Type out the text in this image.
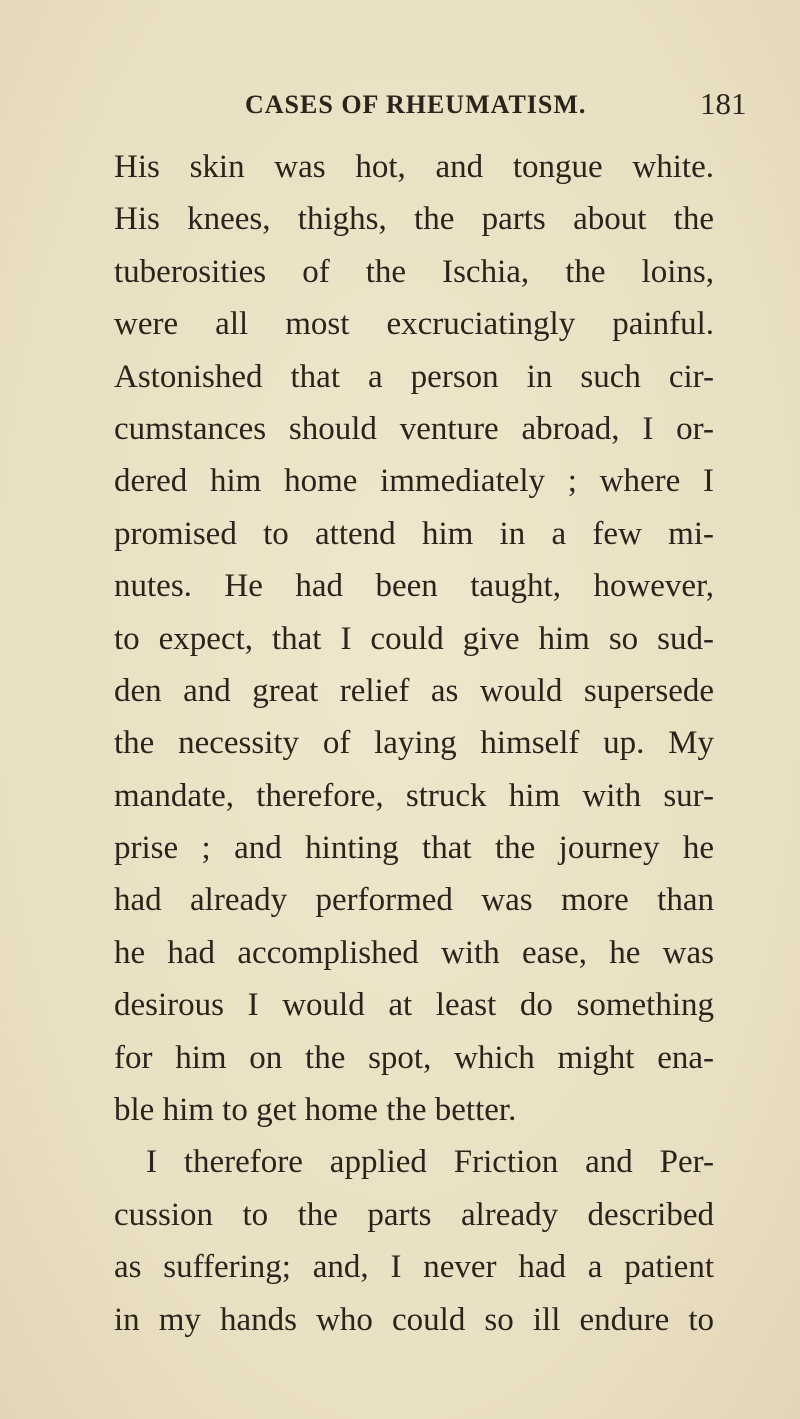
CASES OF RHEUMATISM.	181
His skin was hot, and tongue white.
His knees, thighs, the parts about the
tuberosities of the Ischia, the loins,
were all most excruciatingly painful.
Astonished that a person in such cir-
cumstances should venture abroad, I or-
dered him home immediately ; where I
promised to attend him in a few mi-
nutes. He had been taught, however,
to expect, that I could give him so sud-
den and great relief as would supersede
the necessity of laying himself up. My
mandate, therefore, struck him with sur-
prise ; and hinting that the journey he
had already performed was more than
he had accomplished with ease, he was
desirous I would at least do something
for him on the spot, which might ena-
ble him to get home the better.
I therefore applied Friction and Per-
cussion to the parts already described
as suffering; and, I never had a patient
in my hands who could so ill endure to
